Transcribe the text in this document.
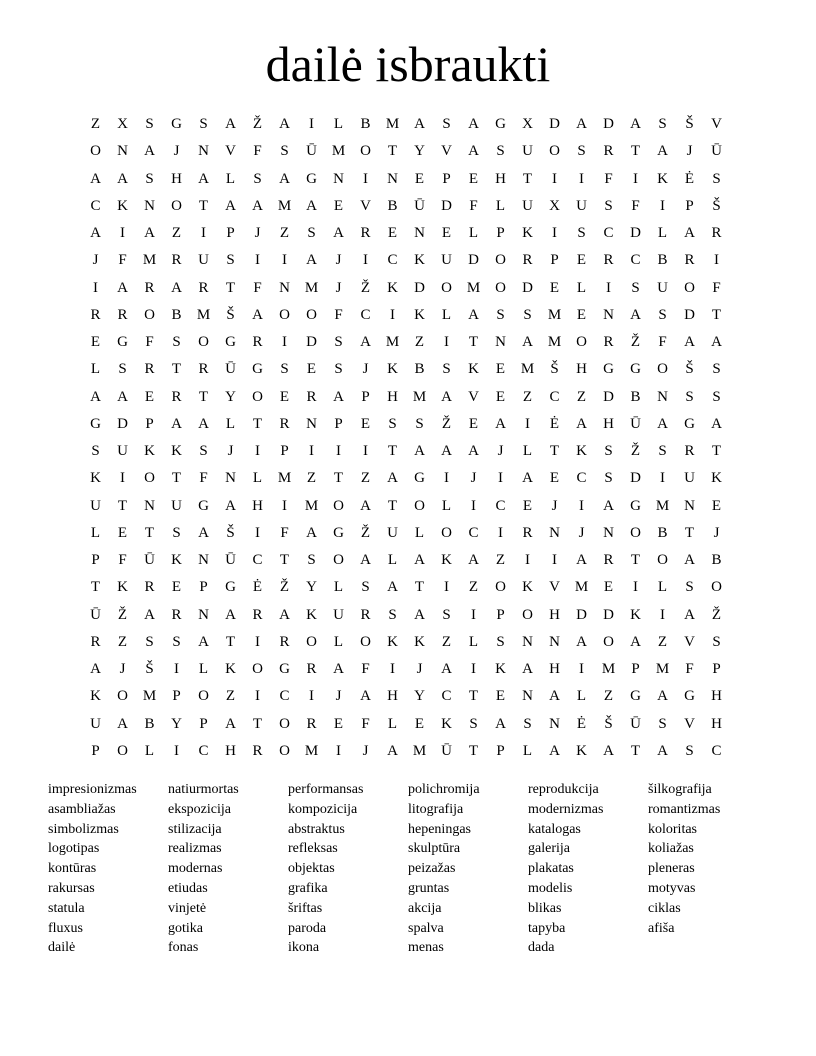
dailė isbraukti
Z	X	S	G	S	A	Ž	A	I	L	B	M A	S	A	G	X	D	A	D	A	S	Š	V
O	N	A	J	N	V	F	S	Ū M O	T	Y	V	A	S	U	O	S	R	T	A	J	Ū
A	A	S	H	A	L	S	A	G	N	I	N	E	P	E	H	T	I	I	F	I	K	Ė	S
C	K	N	O	T	A	A M A	E	V	B	Ū	D	F	L	U	X	U	S	F	I	P	Š
A	I	A	Z	I	P	J	Z	S	A	R	E	N	E	L	P	K	I	S	C	D	L	A	R
J	F	M	R	U	S	I	I	A	J	I	C	K	U	D	O	R	P	E	R	C	B	R	I
I	A	R	A	R	T	F	N M	J	Ž	K	D	O M O	D	E	L	I	S	U	O	F
R	R	O	B	M	Š	A	O	O	F	C	I	K	L	A	S	S	M	E	N	A	S	D	T
E	G	F	S	O	G	R	I	D	S	A M	Z	I	T	N	A M O	R	Ž	F	A	A
L	S	R	T	R	Ū	G	S	E	S	J	K	B	S	K	E	M	Š	H	G	G	O	Š	S
A	A	E	R	T	Y	O	E	R	A	P	H M A	V	E	Z	C	Z	D	B	N	S	S
G	D	P	A	A	L	T	R	N	P	E	S	S	Ž	E	A	I	Ė	A	H	Ū	A	G	A
S	U	K	K	S	J	I	P	I	I	I	T	A	A	A	J	L	T	K	S	Ž	S	R	T
K	I	O	T	F	N	L	M	Z	T	Z	A	G	I	J	I	A	E	C	S	D	I	U	K
U	T	N	U	G	A	H	I	M O	A	T	O	L	I	C	E	J	I	A	G M N	E
L	E	T	S	A	Š	I	F	A	G	Ž	U	L	O	C	I	R	N	J	N	O	B	T	J
P	F	Ū	K	N	Ū	C	T	S	O	A	L	A	K	A	Z	I	I	A	R	T	O	A	B
T	K	R	E	P	G	Ė	Ž	Y	L	S	A	T	I	Z	O	K	V M	E	I	L	S	O
Ū	Ž	A	R	N	A	R	A	K	U	R	S	A	S	I	P	O	H	D	D	K	I	A	Ž
R	Z	S	S	A	T	I	R	O	L	O	K	K	Z	L	S	N	N	A	O	A	Z	V	S
A	J	Š	I	L	K	O	G	R	A	F	I	J	A	I	K	A	H	I	M	P	M	F	P
K	O M	P	O	Z	I	C	I	J	A	H	Y	C	T	E	N	A	L	Z	G	A	G	H
U	A	B	Y	P	A	T	O	R	E	F	L	E	K	S	A	S	N	Ė	Š	Ū	S	V	H
P	O	L	I	C	H	R	O M	I	J	A M Ū	T	P	L	A	K	A	T	A	S	C
impresionizmas	natiurmortas	performansas	polichromija	reprodukcija	šilkografija
asambliažas	ekspozicija	kompozicija	litografija	modernizmas	romantizmas
simbolizmas	stilizacija	abstraktus	hepeningas	katalogas	koloritas
logotipas	realizmas	refleksas	skulptūra	galerija	koliažas
kontūras	modernas	objektas	peizažas	plakatas	pleneras
rakursas	etiudas	grafika	gruntas	modelis	motyvas
statula	vinjetė	šriftas	akcija	blikas	ciklas
fluxus	gotika	paroda	spalva	tapyba	afiša
dailė	fonas	ikona	menas	dada
